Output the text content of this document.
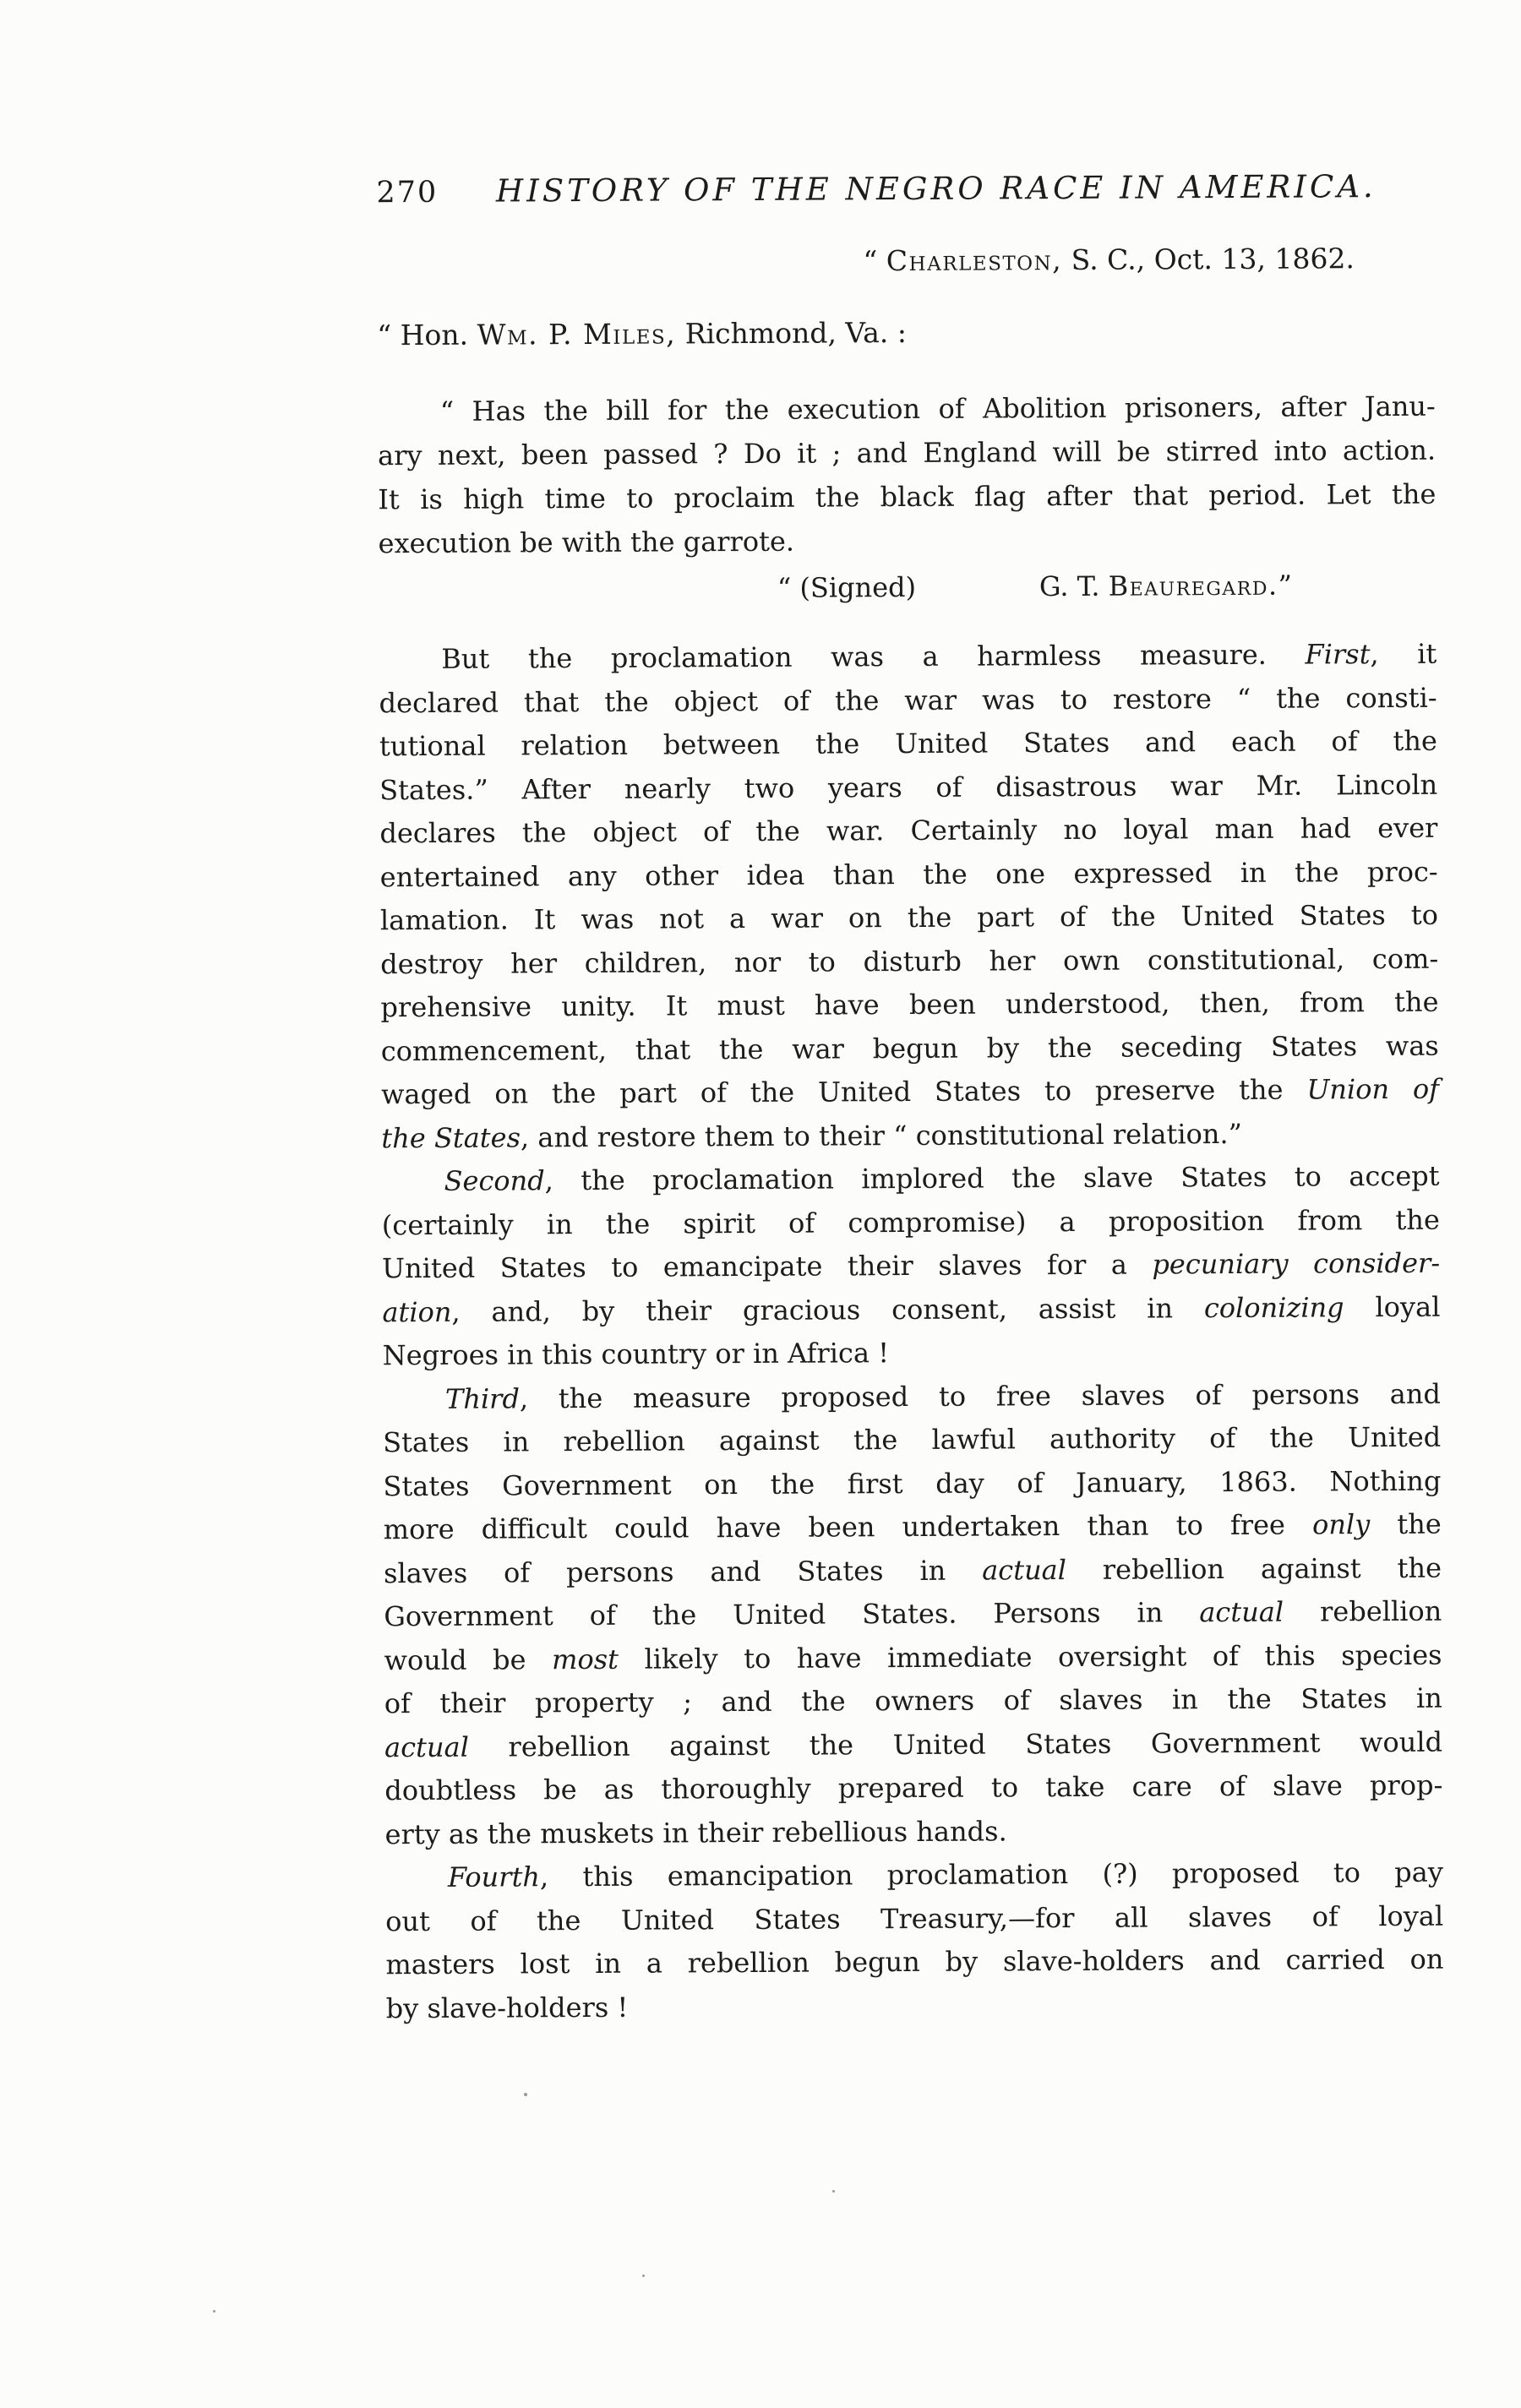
270	HISTORY OF THE NEGRO RACE IN AMERICA.
“ Charleston, S. C., Oct. 13, 1862.
“ Hon. Wm. P. Miles, Richmond, Va. :
“ Has the bill for the execution of Abolition prisoners, after Janu-
ary next, been passed ? Do it ; and England will be stirred into action.
It is high time to proclaim the black flag after that period. Let the
execution be with the garrote.
“ (Signed)	G. T. Beauregard.”
But the proclamation was a harmless measure. First, it
declared that the object of the war was to restore “ the consti-
tutional relation between the United States and each of the
States.” After nearly two years of disastrous war Mr. Lincoln
declares the object of the war. Certainly no loyal man had ever
entertained any other idea than the one expressed in the proc-
lamation. It was not a war on the part of the United States to
destroy her children, nor to disturb her own constitutional, com-
prehensive unity. It must have been understood, then, from the
commencement, that the war begun by the seceding States was
waged on the part of the United States to preserve the Union of
the States, and restore them to their “ constitutional relation.”
Second, the proclamation implored the slave States to accept
(certainly in the spirit of compromise) a proposition from the
United States to emancipate their slaves for a pecuniary consider-
ation, and, by their gracious consent, assist in colonizing loyal
Negroes in this country or in Africa !
Third, the measure proposed to free slaves of persons and
States in rebellion against the lawful authority of the United
States Government on the first day of January, 1863. Nothing
more difficult could have been undertaken than to free only the
slaves of persons and States in actual rebellion against the
Government of the United States. Persons in actual rebellion
would be most likely to have immediate oversight of this species
of their property ; and the owners of slaves in the States in
actual rebellion against the United States Government would
doubtless be as thoroughly prepared to take care of slave prop-
erty as the muskets in their rebellious hands.
Fourth, this emancipation proclamation (?) proposed to pay
out of the United States Treasury,—for all slaves of loyal
masters lost in a rebellion begun by slave-holders and carried on
by slave-holders !
